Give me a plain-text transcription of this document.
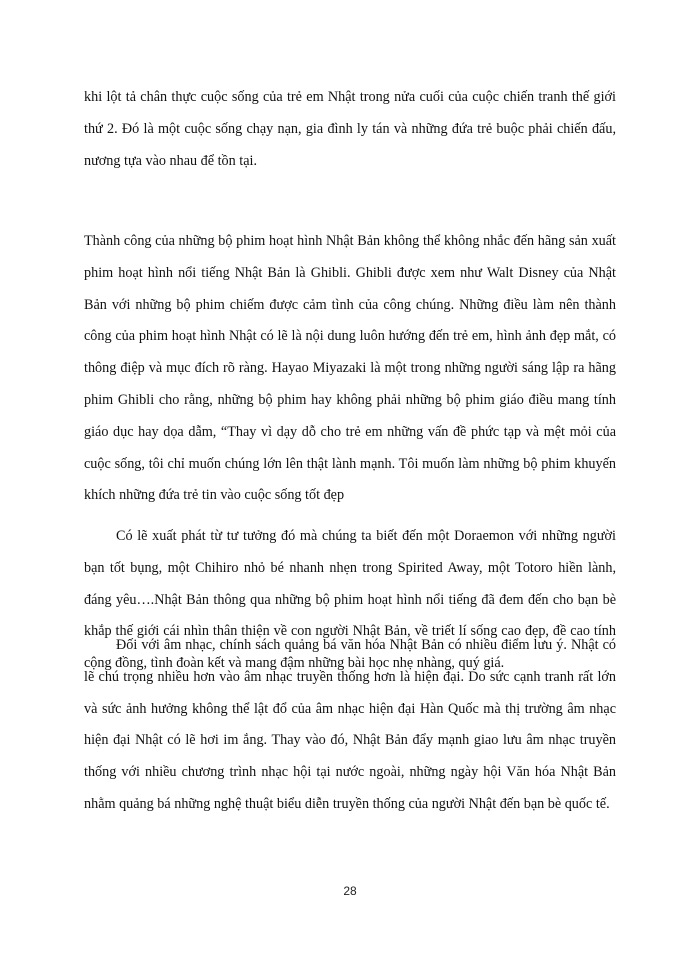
khi lột tả chân thực cuộc sống của trẻ em Nhật trong nửa cuối của cuộc chiến tranh thế giới thứ 2. Đó là một cuộc sống chạy nạn, gia đình ly tán và những đứa trẻ buộc phải chiến đấu, nương tựa vào nhau để tồn tại.

Thành công của những bộ phim hoạt hình Nhật Bản không thể không nhắc đến hãng sản xuất phim hoạt hình nổi tiếng Nhật Bản là Ghibli. Ghibli được xem như Walt Disney của Nhật Bản với những bộ phim chiếm được cảm tình của công chúng. Những điều làm nên thành công của phim hoạt hình Nhật có lẽ là nội dung luôn hướng đến trẻ em, hình ảnh đẹp mắt, có thông điệp và mục đích rõ ràng. Hayao Miyazaki là một trong những người sáng lập ra hãng phim Ghibli cho rằng, những bộ phim hay không phải những bộ phim giáo điều mang tính giáo dục hay dọa dẫm, “Thay vì dạy dỗ cho trẻ em những vấn đề phức tạp và mệt mỏi của cuộc sống, tôi chỉ muốn chúng lớn lên thật lành mạnh. Tôi muốn làm những bộ phim khuyến khích những đứa trẻ tin vào cuộc sống tốt đẹp

Có lẽ xuất phát từ tư tưởng đó mà chúng ta biết đến một Doraemon với những người bạn tốt bụng, một Chihiro nhỏ bé nhanh nhẹn trong Spirited Away, một Totoro hiền lành, đáng yêu….Nhật Bản thông qua những bộ phim hoạt hình nổi tiếng đã đem đến cho bạn bè khắp thế giới cái nhìn thân thiện về con người Nhật Bản, về triết lí sống cao đẹp, đề cao tính cộng đồng, tình đoàn kết và mang đậm những bài học nhẹ nhàng, quý giá.

Đối với âm nhạc, chính sách quảng bá văn hóa Nhật Bản có nhiều điểm lưu ý. Nhật có lẽ chú trọng nhiều hơn vào âm nhạc truyền thống hơn là hiện đại. Do sức cạnh tranh rất lớn và sức ảnh hưởng không thể lật đổ của âm nhạc hiện đại Hàn Quốc mà thị trường âm nhạc hiện đại Nhật có lẽ hơi im ắng. Thay vào đó, Nhật Bản đẩy mạnh giao lưu âm nhạc truyền thống với nhiều chương trình nhạc hội tại nước ngoài, những ngày hội Văn hóa Nhật Bản nhằm quảng bá những nghệ thuật biểu diễn truyền thống của người Nhật đến bạn bè quốc tế.

28
